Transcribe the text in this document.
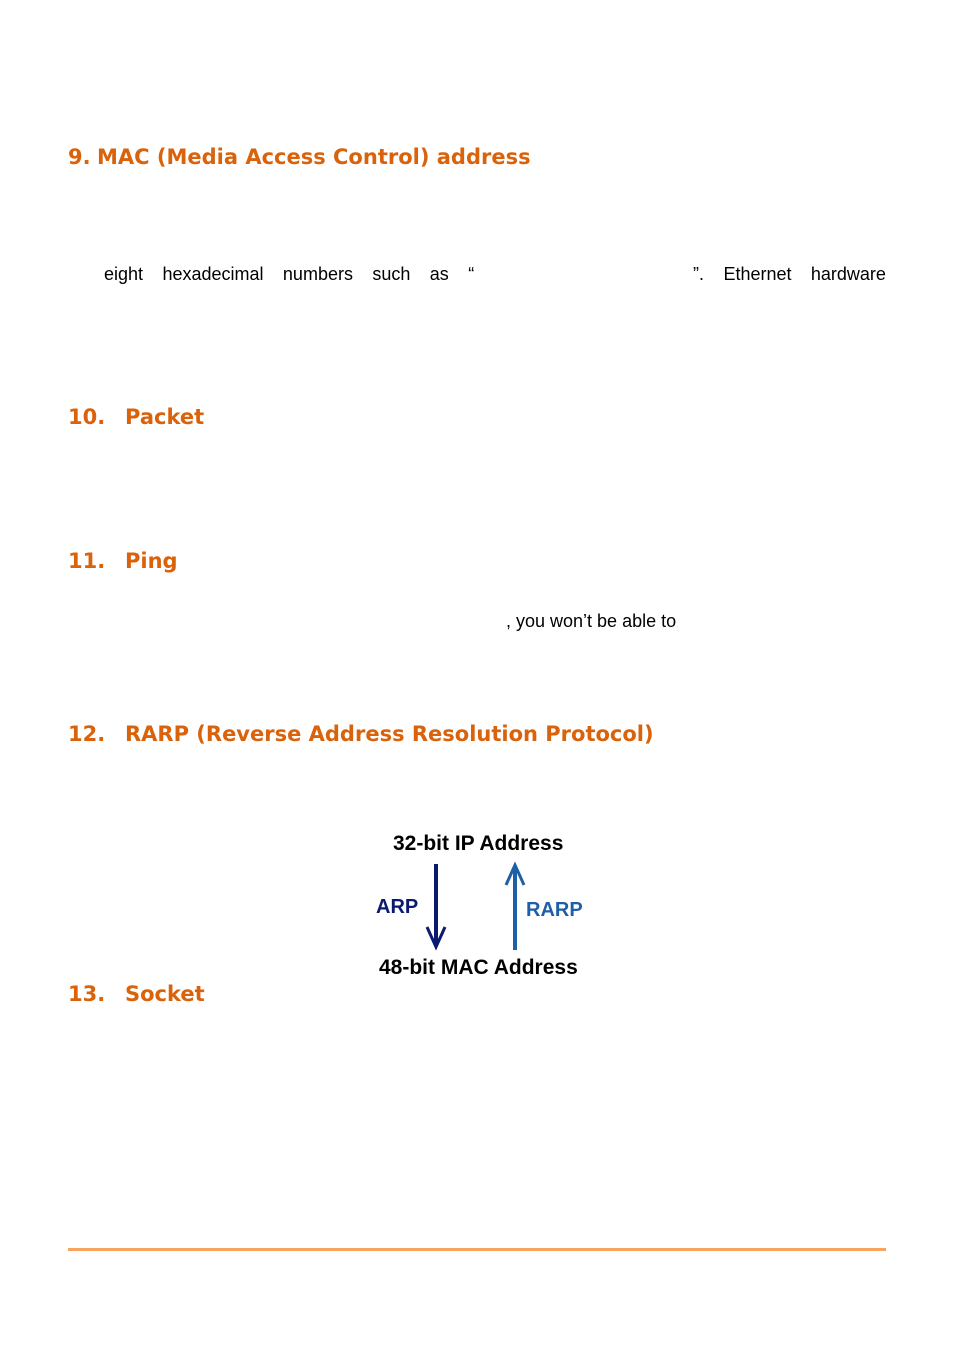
9. MAC (Media Access Control) address

eight hexadecimal numbers such as “	”. Ethernet hardware

10. Packet
11. Ping

, you won’t be able to

12. RARP (Reverse Address Resolution Protocol)

32-bit IP Address

ARP	RARP

48-bit MAC Address

13. Socket
